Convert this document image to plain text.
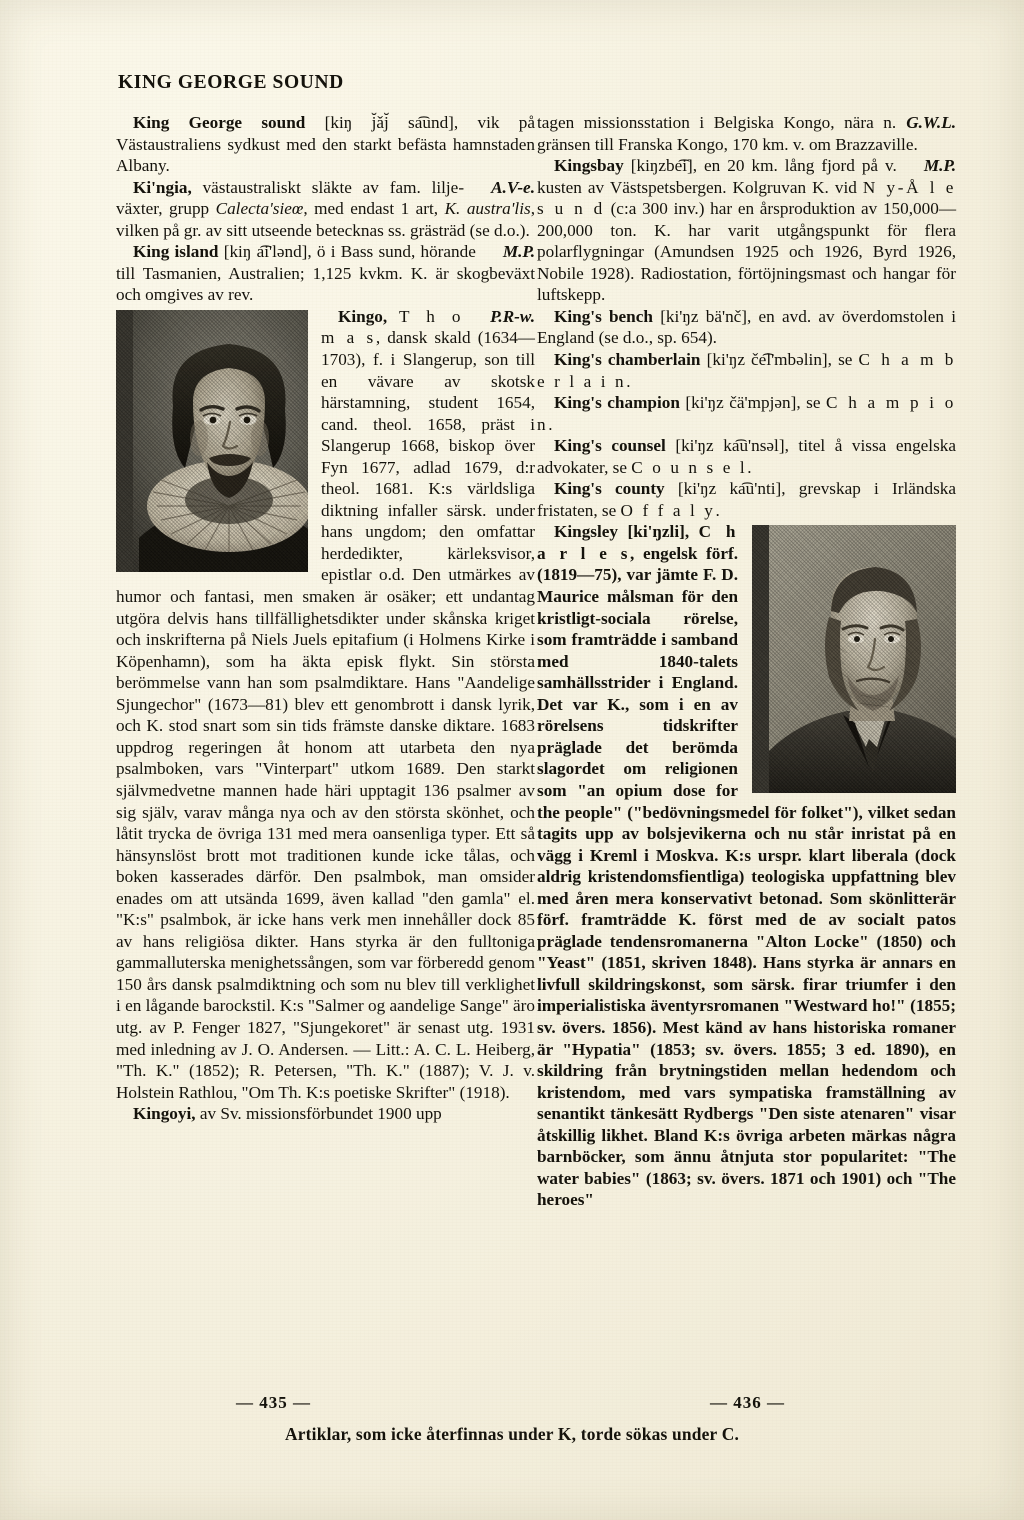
KING GEORGE SOUND

King George sound [kiŋ j̆ǎj̆ sa͡und], vik på Västaustraliens sydkust med den starkt befästa hamnstaden Albany.

A.V-e.
Ki'ngia, västaustraliskt släkte av fam. liljeväxter, grupp Calecta'sieœ, med endast 1 art, K. austra'lis, vilken på gr. av sitt utseende betecknas ss. grästräd (se d.o.).

M.P.
King island [kiŋ a͡i'lənd], ö i Bass sund, hörande till Tasmanien, Australien; 1,125 kvkm. K. är skogbeväxt och omgives av rev.

P.R-w.
Kingo, T h o m a s, dansk skald (1634—1703), f. i Slangerup, son till en vävare av skotsk härstamning, student 1654, cand. theol. 1658, präst i Slangerup 1668, biskop över Fyn 1677, adlad 1679, d:r theol. 1681. K:s världsliga diktning infaller särsk. under hans ungdom; den omfattar herdedikter, kärleksvisor, epistlar o.d. Den utmärkes av humor och fantasi, men smaken är osäker; ett undantag utgöra delvis hans tillfällighetsdikter under skånska kriget och inskrifterna på Niels Juels epitafium (i Holmens Kirke i Köpenhamn), som ha äkta episk flykt. Sin största berömmelse vann han som psalmdiktare. Hans "Aandelige Sjungechor" (1673—81) blev ett genombrott i dansk lyrik, och K. stod snart som sin tids främste danske diktare. 1683 uppdrog regeringen åt honom att utarbeta den nya psalmboken, vars "Vinterpart" utkom 1689. Den starkt självmedvetne mannen hade häri upptagit 136 psalmer av sig själv, varav många nya och av den största skönhet, och låtit trycka de övriga 131 med mera oansenliga typer. Ett så hänsynslöst brott mot traditionen kunde icke tålas, och boken kasserades därför. Den psalmbok, man omsider enades om att utsända 1699, även kallad "den gamla" el. "K:s" psalmbok, är icke hans verk men innehåller dock 85 av hans religiösa dikter. Hans styrka är den fulltoniga gammalluterska menighetssången, som var förberedd genom 150 års dansk psalmdiktning och som nu blev till verklighet i en lågande barockstil. K:s "Salmer og aandelige Sange" äro utg. av P. Fenger 1827, "Sjungekoret" är senast utg. 1931 med inledning av J. O. Andersen. — Litt.: A. C. L. Heiberg, "Th. K." (1852); R. Petersen, "Th. K." (1887); V. J. v. Holstein Rathlou, "Om Th. K:s poetiske Skrifter" (1918).

Kingoyi, av Sv. missionsförbundet 1900 upp

G.W.L.
tagen missionsstation i Belgiska Kongo, nära n. gränsen till Franska Kongo, 170 km. v. om Brazzaville.

M.P.
Kingsbay [kiŋzbe͡i], en 20 km. lång fjord på v. kusten av Västspetsbergen. Kolgruvan K. vid N y-Å l e s u n d (c:a 300 inv.) har en årsproduktion av 150,000—200,000 ton. K. har varit utgångspunkt för flera polarflygningar (Amundsen 1925 och 1926, Byrd 1926, Nobile 1928). Radiostation, förtöjningsmast och hangar för luftskepp.

King's bench [ki'ŋz bä'nč], en avd. av överdomstolen i England (se d.o., sp. 654).

King's chamberlain [ki'ŋz če͡l'mbəlin], se C h a m b e r l a i n.

King's champion [ki'ŋz čä'mpjən], se C h a m p i o n.

King's counsel [ki'ŋz ka͡u'nsəl], titel å vissa engelska advokater, se C o u n s e l.

King's county [ki'ŋz ka͡u'nti], grevskap i Irländska fristaten, se O f f a l y.

Kingsley [ki'ŋzli], C h a r l e s, engelsk förf. (1819—75), var jämte F. D. Maurice målsman för den kristligt-sociala rörelse, som framträdde i samband med 1840-talets samhällsstrider i England. Det var K., som i en av rörelsens tidskrifter präglade det berömda slagordet om religionen som "an opium dose for the people" ("bedövningsmedel för folket"), vilket sedan tagits upp av bolsjevikerna och nu står inristat på en vägg i Kreml i Moskva. K:s urspr. klart liberala (dock aldrig kristendomsfientliga) teologiska uppfattning blev med åren mera konservativt betonad. Som skönlitterär förf. framträdde K. först med de av socialt patos präglade tendensromanerna "Alton Locke" (1850) och "Yeast" (1851, skriven 1848). Hans styrka är annars en livfull skildringskonst, som särsk. firar triumfer i den imperialistiska äventyrsromanen "Westward ho!" (1855; sv. övers. 1856). Mest känd av hans historiska romaner är "Hypatia" (1853; sv. övers. 1855; 3 ed. 1890), en skildring från brytningstiden mellan hedendom och kristendom, med vars sympatiska framställning av senantikt tänkesätt Rydbergs "Den siste atenaren" visar åtskillig likhet. Bland K:s övriga arbeten märkas några barnböcker, som ännu åtnjuta stor popularitet: "The water babies" (1863; sv. övers. 1871 och 1901) och "The heroes"

— 435 —	— 436 —
Artiklar, som icke återfinnas under K, torde sökas under C.
